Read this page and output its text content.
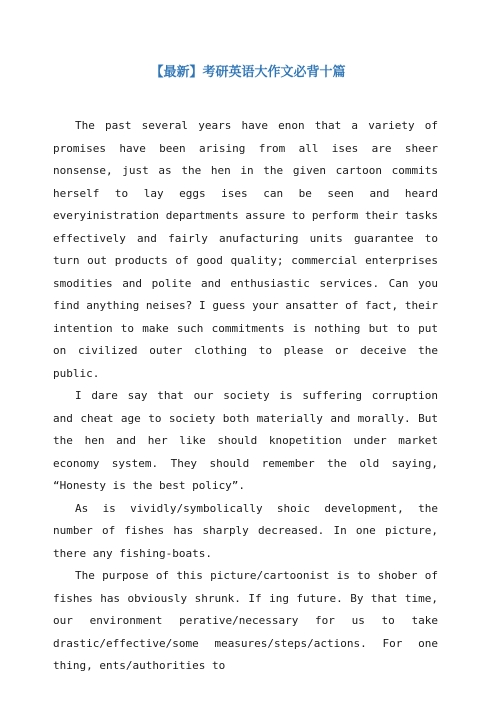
【最新】考研英语大作文必背十篇

The past several years have enon that a variety of promises have been arising from all ises are sheer nonsense, just as the hen in the given cartoon commits herself to lay eggs ises can be seen and heard everyinistration departments assure to perform their tasks effectively and fairly anufacturing units guarantee to turn out products of good quality; commercial enterprises smodities and polite and enthusiastic services. Can you find anything neises? I guess your ansatter of fact, their intention to make such commitments is nothing but to put on civilized outer clothing to please or deceive the public.

I dare say that our society is suffering corruption and cheat age to society both materially and morally. But the hen and her like should knopetition under market economy system. They should remember the old saying, “Honesty is the best policy”.

As is vividly/symbolically shoic development, the number of fishes has sharply decreased. In one picture, there any fishing-boats.

The purpose of this picture/cartoonist is to shober of fishes has obviously shrunk. If ing future. By that time, our environment perative/necessary for us to take drastic/effective/some measures/steps/actions. For one thing, ents/authorities to
